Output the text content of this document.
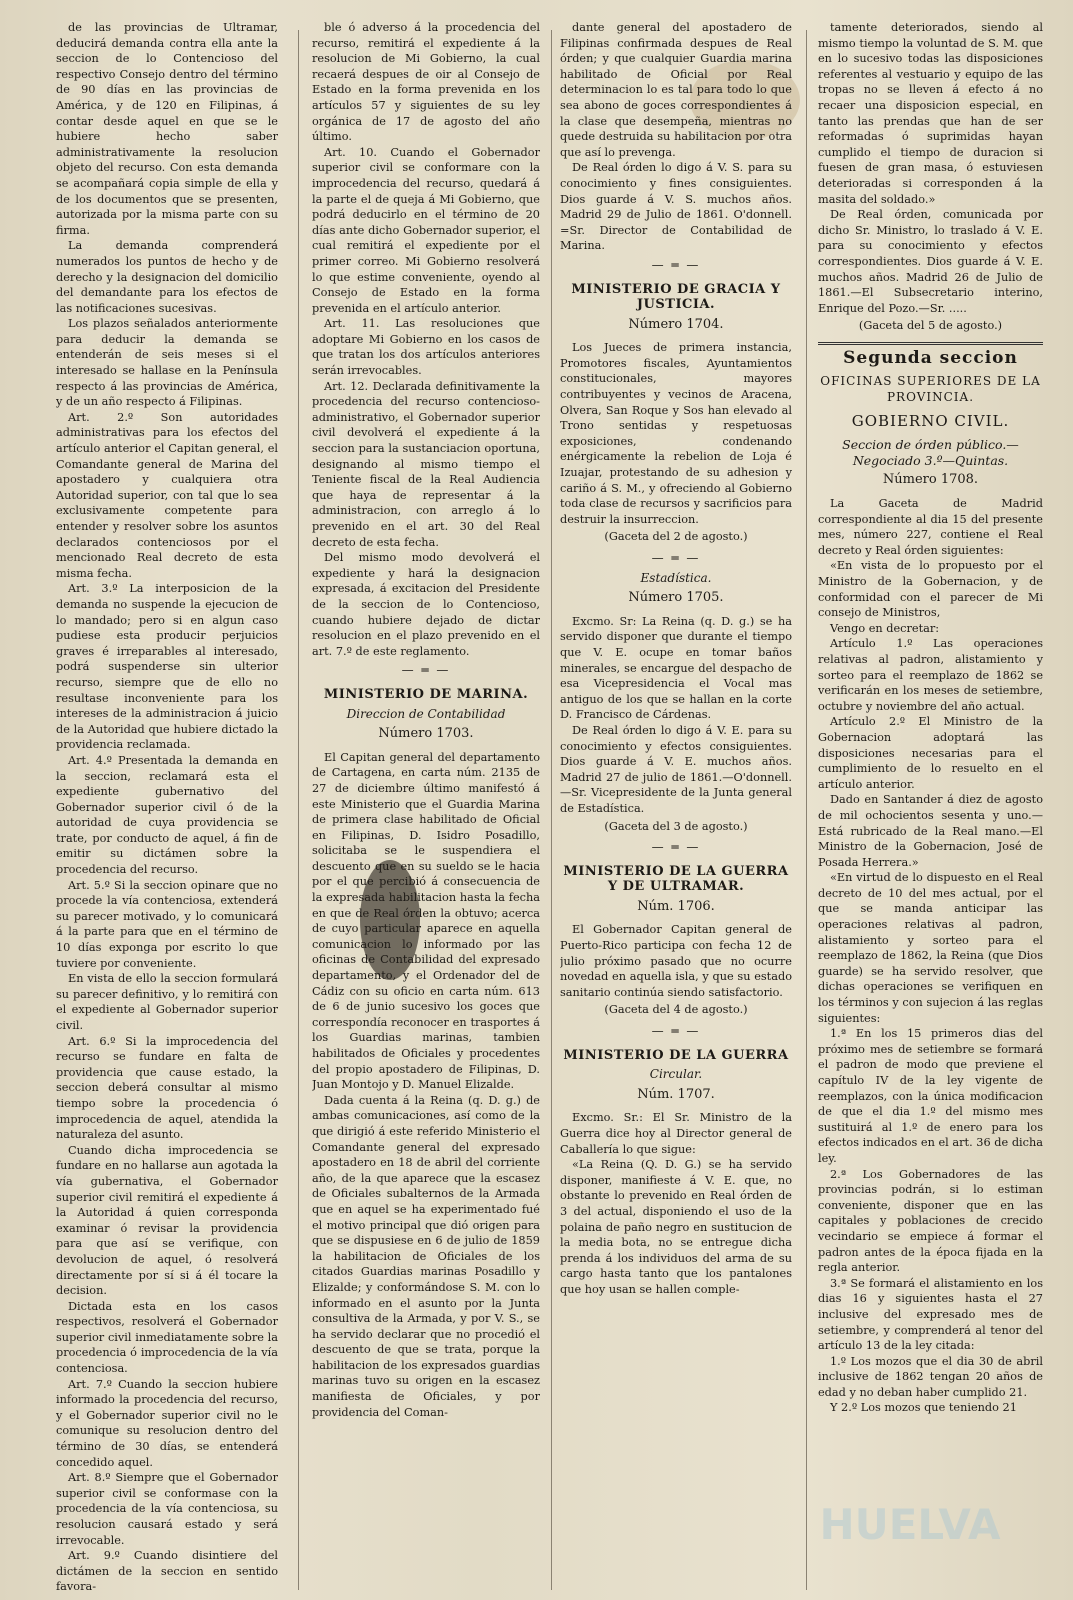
de las provincias de Ultramar, deducirá demanda contra ella ante la seccion de lo Contencioso del respectivo Consejo dentro del término de 90 días en las provincias de América, y de 120 en Filipinas, á contar desde aquel en que se le hubiere hecho saber administrativamente la resolucion objeto del recurso. Con esta demanda se acompañará copia simple de ella y de los documentos que se presenten, autorizada por la misma parte con su firma.

La demanda comprenderá numerados los puntos de hecho y de derecho y la designacion del domicilio del demandante para los efectos de las notificaciones sucesivas.

Los plazos señalados anteriormente para deducir la demanda se entenderán de seis meses si el interesado se hallase en la Península respecto á las provincias de América, y de un año respecto á Filipinas.

Art. 2.º Son autoridades administrativas para los efectos del artículo anterior el Capitan general, el Comandante general de Marina del apostadero y cualquiera otra Autoridad superior, con tal que lo sea exclusivamente competente para entender y resolver sobre los asuntos declarados contenciosos por el mencionado Real decreto de esta misma fecha.

Art. 3.º La interposicion de la demanda no suspende la ejecucion de lo mandado; pero si en algun caso pudiese esta producir perjuicios graves é irreparables al interesado, podrá suspenderse sin ulterior recurso, siempre que de ello no resultase inconveniente para los intereses de la administracion á juicio de la Autoridad que hubiere dictado la providencia reclamada.

Art. 4.º Presentada la demanda en la seccion, reclamará esta el expediente gubernativo del Gobernador superior civil ó de la autoridad de cuya providencia se trate, por conducto de aquel, á fin de emitir su dictámen sobre la procedencia del recurso.

Art. 5.º Si la seccion opinare que no procede la vía contenciosa, extenderá su parecer motivado, y lo comunicará á la parte para que en el término de 10 días exponga por escrito lo que tuviere por conveniente.

En vista de ello la seccion formulará su parecer definitivo, y lo remitirá con el expediente al Gobernador superior civil.

Art. 6.º Si la improcedencia del recurso se fundare en falta de providencia que cause estado, la seccion deberá consultar al mismo tiempo sobre la procedencia ó improcedencia de aquel, atendida la naturaleza del asunto.

Cuando dicha improcedencia se fundare en no hallarse aun agotada la vía gubernativa, el Gobernador superior civil remitirá el expediente á la Autoridad á quien corresponda examinar ó revisar la providencia para que así se verifique, con devolucion de aquel, ó resolverá directamente por sí si á él tocare la decision.

Dictada esta en los casos respectivos, resolverá el Gobernador superior civil inmediatamente sobre la procedencia ó improcedencia de la vía contenciosa.

Art. 7.º Cuando la seccion hubiere informado la procedencia del recurso, y el Gobernador superior civil no le comunique su resolucion dentro del término de 30 días, se entenderá concedido aquel.

Art. 8.º Siempre que el Gobernador superior civil se conformase con la procedencia de la vía contenciosa, su resolucion causará estado y será irrevocable.

Art. 9.º Cuando disintiere del dictámen de la seccion en sentido favora-

ble ó adverso á la procedencia del recurso, remitirá el expediente á la resolucion de Mi Gobierno, la cual recaerá despues de oir al Consejo de Estado en la forma prevenida en los artículos 57 y siguientes de su ley orgánica de 17 de agosto del año último.

Art. 10. Cuando el Gobernador superior civil se conformare con la improcedencia del recurso, quedará á la parte el de queja á Mi Gobierno, que podrá deducirlo en el término de 20 días ante dicho Gobernador superior, el cual remitirá el expediente por el primer correo. Mi Gobierno resolverá lo que estime conveniente, oyendo al Consejo de Estado en la forma prevenida en el artículo anterior.

Art. 11. Las resoluciones que adoptare Mi Gobierno en los casos de que tratan los dos artículos anteriores serán irrevocables.

Art. 12. Declarada definitivamente la procedencia del recurso contencioso-administrativo, el Gobernador superior civil devolverá el expediente á la seccion para la sustanciacion oportuna, designando al mismo tiempo el Teniente fiscal de la Real Audiencia que haya de representar á la administracion, con arreglo á lo prevenido en el art. 30 del Real decreto de esta fecha.

Del mismo modo devolverá el expediente y hará la designacion expresada, á excitacion del Presidente de la seccion de lo Contencioso, cuando hubiere dejado de dictar resolucion en el plazo prevenido en el art. 7.º de este reglamento.

— ═ —
MINISTERIO DE MARINA.
Direccion de Contabilidad
Número 1703.

El Capitan general del departamento de Cartagena, en carta núm. 2135 de 27 de diciembre último manifestó á este Ministerio que el Guardia Marina de primera clase habilitado de Oficial en Filipinas, D. Isidro Posadillo, solicitaba se le suspendiera el descuento que en su sueldo se le hacia por el que percibió á consecuencia de la expresada habilitacion hasta la fecha en que de Real órden la obtuvo; acerca de cuyo particular aparece en aquella comunicacion lo informado por las oficinas de Contabilidad del expresado departamento, y el Ordenador del de Cádiz con su oficio en carta núm. 613 de 6 de junio sucesivo los goces que correspondía reconocer en trasportes á los Guardias marinas, tambien habilitados de Oficiales y procedentes del propio apostadero de Filipinas, D. Juan Montojo y D. Manuel Elizalde.

Dada cuenta á la Reina (q. D. g.) de ambas comunicaciones, así como de la que dirigió á este referido Ministerio el Comandante general del expresado apostadero en 18 de abril del corriente año, de la que aparece que la escasez de Oficiales subalternos de la Armada que en aquel se ha experimentado fué el motivo principal que dió origen para que se dispusiese en 6 de julio de 1859 la habilitacion de Oficiales de los citados Guardias marinas Posadillo y Elizalde; y conformándose S. M. con lo informado en el asunto por la Junta consultiva de la Armada, y por V. S., se ha servido declarar que no procedió el descuento de que se trata, porque la habilitacion de los expresados guardias marinas tuvo su origen en la escasez manifiesta de Oficiales, y por providencia del Coman-

dante general del apostadero de Filipinas confirmada despues de Real órden; y que cualquier Guardia marina habilitado de Oficial por Real determinacion lo es tal para todo lo que sea abono de goces correspondientes á la clase que desempeña, mientras no quede destruida su habilitacion por otra que así lo prevenga.

De Real órden lo digo á V. S. para su conocimiento y fines consiguientes. Dios guarde á V. S. muchos años. Madrid 29 de Julio de 1861. O'donnell. =Sr. Director de Contabilidad de Marina.

— ═ —
MINISTERIO DE GRACIA Y JUSTICIA.
Número 1704.

Los Jueces de primera instancia, Promotores fiscales, Ayuntamientos constitucionales, mayores contribuyentes y vecinos de Aracena, Olvera, San Roque y Sos han elevado al Trono sentidas y respetuosas exposiciones, condenando enérgicamente la rebelion de Loja é Izuajar, protestando de su adhesion y cariño á S. M., y ofreciendo al Gobierno toda clase de recursos y sacrificios para destruir la insurreccion.

(Gaceta del 2 de agosto.)
— ═ —
Estadística.
Número 1705.

Excmo. Sr: La Reina (q. D. g.) se ha servido disponer que durante el tiempo que V. E. ocupe en tomar baños minerales, se encargue del despacho de esa Vicepresidencia el Vocal mas antiguo de los que se hallan en la corte D. Francisco de Cárdenas.

De Real órden lo digo á V. E. para su conocimiento y efectos consiguientes. Dios guarde á V. E. muchos años. Madrid 27 de julio de 1861.—O'donnell.—Sr. Vicepresidente de la Junta general de Estadística.

(Gaceta del 3 de agosto.)
— ═ —
MINISTERIO DE LA GUERRA Y DE ULTRAMAR.
Núm. 1706.

El Gobernador Capitan general de Puerto-Rico participa con fecha 12 de julio próximo pasado que no ocurre novedad en aquella isla, y que su estado sanitario continúa siendo satisfactorio.

(Gaceta del 4 de agosto.)
— ═ —
MINISTERIO DE LA GUERRA
Circular.
Núm. 1707.

Excmo. Sr.: El Sr. Ministro de la Guerra dice hoy al Director general de Caballería lo que sigue:

«La Reina (Q. D. G.) se ha servido disponer, manifieste á V. E. que, no obstante lo prevenido en Real órden de 3 del actual, disponiendo el uso de la polaina de paño negro en sustitucion de la media bota, no se entregue dicha prenda á los individuos del arma de su cargo hasta tanto que los pantalones que hoy usan se hallen comple-

tamente deteriorados, siendo al mismo tiempo la voluntad de S. M. que en lo sucesivo todas las disposiciones referentes al vestuario y equipo de las tropas no se lleven á efecto á no recaer una disposicion especial, en tanto las prendas que han de ser reformadas ó suprimidas hayan cumplido el tiempo de duracion si fuesen de gran masa, ó estuviesen deterioradas si corresponden á la masita del soldado.»

De Real órden, comunicada por dicho Sr. Ministro, lo traslado á V. E. para su conocimiento y efectos correspondientes. Dios guarde á V. E. muchos años. Madrid 26 de Julio de 1861.—El Subsecretario interino, Enrique del Pozo.—Sr. .....

(Gaceta del 5 de agosto.)
Segunda seccion
OFICINAS SUPERIORES DE LA PROVINCIA.
GOBIERNO CIVIL.
Seccion de órden público.—Negociado 3.º—Quintas.
Número 1708.

La Gaceta de Madrid correspondiente al dia 15 del presente mes, número 227, contiene el Real decreto y Real órden siguientes:

«En vista de lo propuesto por el Ministro de la Gobernacion, y de conformidad con el parecer de Mi consejo de Ministros,

Vengo en decretar:

Artículo 1.º Las operaciones relativas al padron, alistamiento y sorteo para el reemplazo de 1862 se verificarán en los meses de setiembre, octubre y noviembre del año actual.

Artículo 2.º El Ministro de la Gobernacion adoptará las disposiciones necesarias para el cumplimiento de lo resuelto en el artículo anterior.

Dado en Santander á diez de agosto de mil ochocientos sesenta y uno.—Está rubricado de la Real mano.—El Ministro de la Gobernacion, José de Posada Herrera.»

«En virtud de lo dispuesto en el Real decreto de 10 del mes actual, por el que se manda anticipar las operaciones relativas al padron, alistamiento y sorteo para el reemplazo de 1862, la Reina (que Dios guarde) se ha servido resolver, que dichas operaciones se verifiquen en los términos y con sujecion á las reglas siguientes:

1.ª En los 15 primeros dias del próximo mes de setiembre se formará el padron de modo que previene el capítulo IV de la ley vigente de reemplazos, con la única modificacion de que el dia 1.º del mismo mes sustituirá al 1.º de enero para los efectos indicados en el art. 36 de dicha ley.

2.ª Los Gobernadores de las provincias podrán, si lo estiman conveniente, disponer que en las capitales y poblaciones de crecido vecindario se empiece á formar el padron antes de la época fijada en la regla anterior.

3.ª Se formará el alistamiento en los dias 16 y siguientes hasta el 27 inclusive del expresado mes de setiembre, y comprenderá al tenor del artículo 13 de la ley citada:

1.º Los mozos que el dia 30 de abril inclusive de 1862 tengan 20 años de edad y no deban haber cumplido 21.

Y 2.º Los mozos que teniendo 21

HUELVA
